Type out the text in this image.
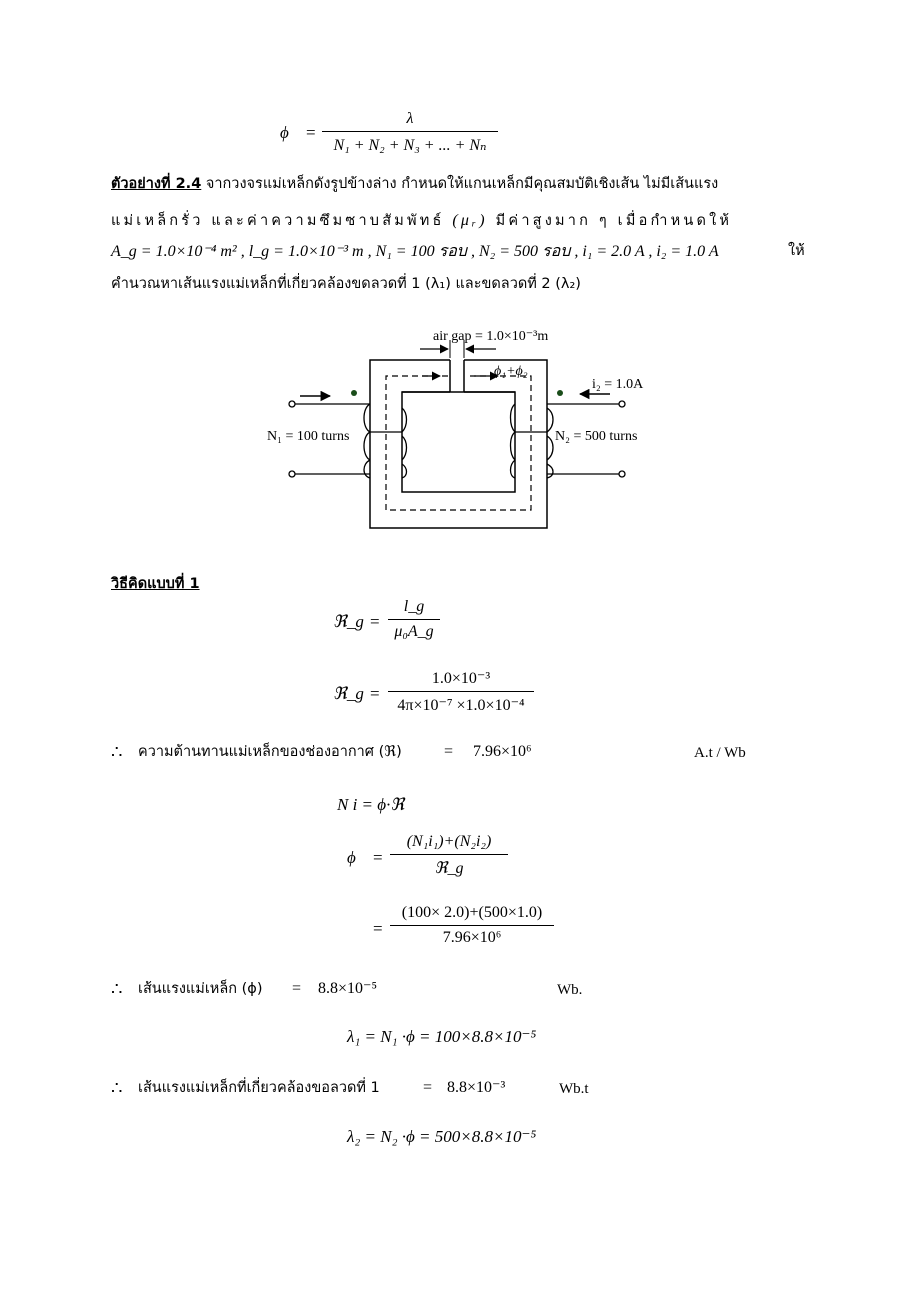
$\phi = \frac{\lambda}{\text{N₁ + N₂ + N₃ + ... + Nₙ}}$
ตัวอย่างที่ 2.4 จากวงจรแม่เหล็กดังรูปข้างล่าง กำหนดให้แกนเหล็กมีคุณสมบัติเชิงเส้น ไม่มีเส้นแรง
แม่เหล็กรั่ว และค่าความซึมซาบสัมพัทธ์ (μᵣ) มีค่าสูงมาก ๆ เมื่อกำหนดให้
A_g = 1.0×10⁻⁴ m² , l_g = 1.0×10⁻³ m , N₁ = 100 รอบ , N₂ = 500 รอบ , i₁ = 2.0 A , i₂ = 1.0 A	ให้
คำนวณหาเส้นแรงแม่เหล็กที่เกี่ยวคล้องขดลวดที่ 1 (λ₁) และขดลวดที่ 2 (λ₂)
air gap = 1.0×10⁻³m
ϕ₁+ϕ₂
i₂ = 1.0A
N₁ = 100 turns	N₂ = 500 turns
วิธีคิดแบบที่ 1
ℜ_g = $\frac{l\_g}{\text{μ₀A\_g}}$
ℜ_g = $\frac{\text{1.0×10⁻³}}{\text{4π×10⁻⁷ ×1.0×10⁻⁴}}$
∴ ความต้านทานแม่เหล็กของช่องอากาศ (ℜ)	= 7.96×10⁶	A.t / Wb
N i = ϕ·ℜ
ϕ =
(N₁i₁)+(N₂i₂)
ℜ_g
= $\frac{(100\times 2.0)+(500\times 1.0)}{\text{7.96×10⁶}}$
∴ เส้นแรงแม่เหล็ก (ϕ) = 8.8×10⁻⁵	Wb.
λ₁ = N₁ ·ϕ = 100×8.8×10⁻⁵
∴ เส้นแรงแม่เหล็กที่เกี่ยวคล้องขอลวดที่ 1	= 8.8×10⁻³	Wb.t
λ₂ = N₂ ·ϕ = 500×8.8×10⁻⁵
